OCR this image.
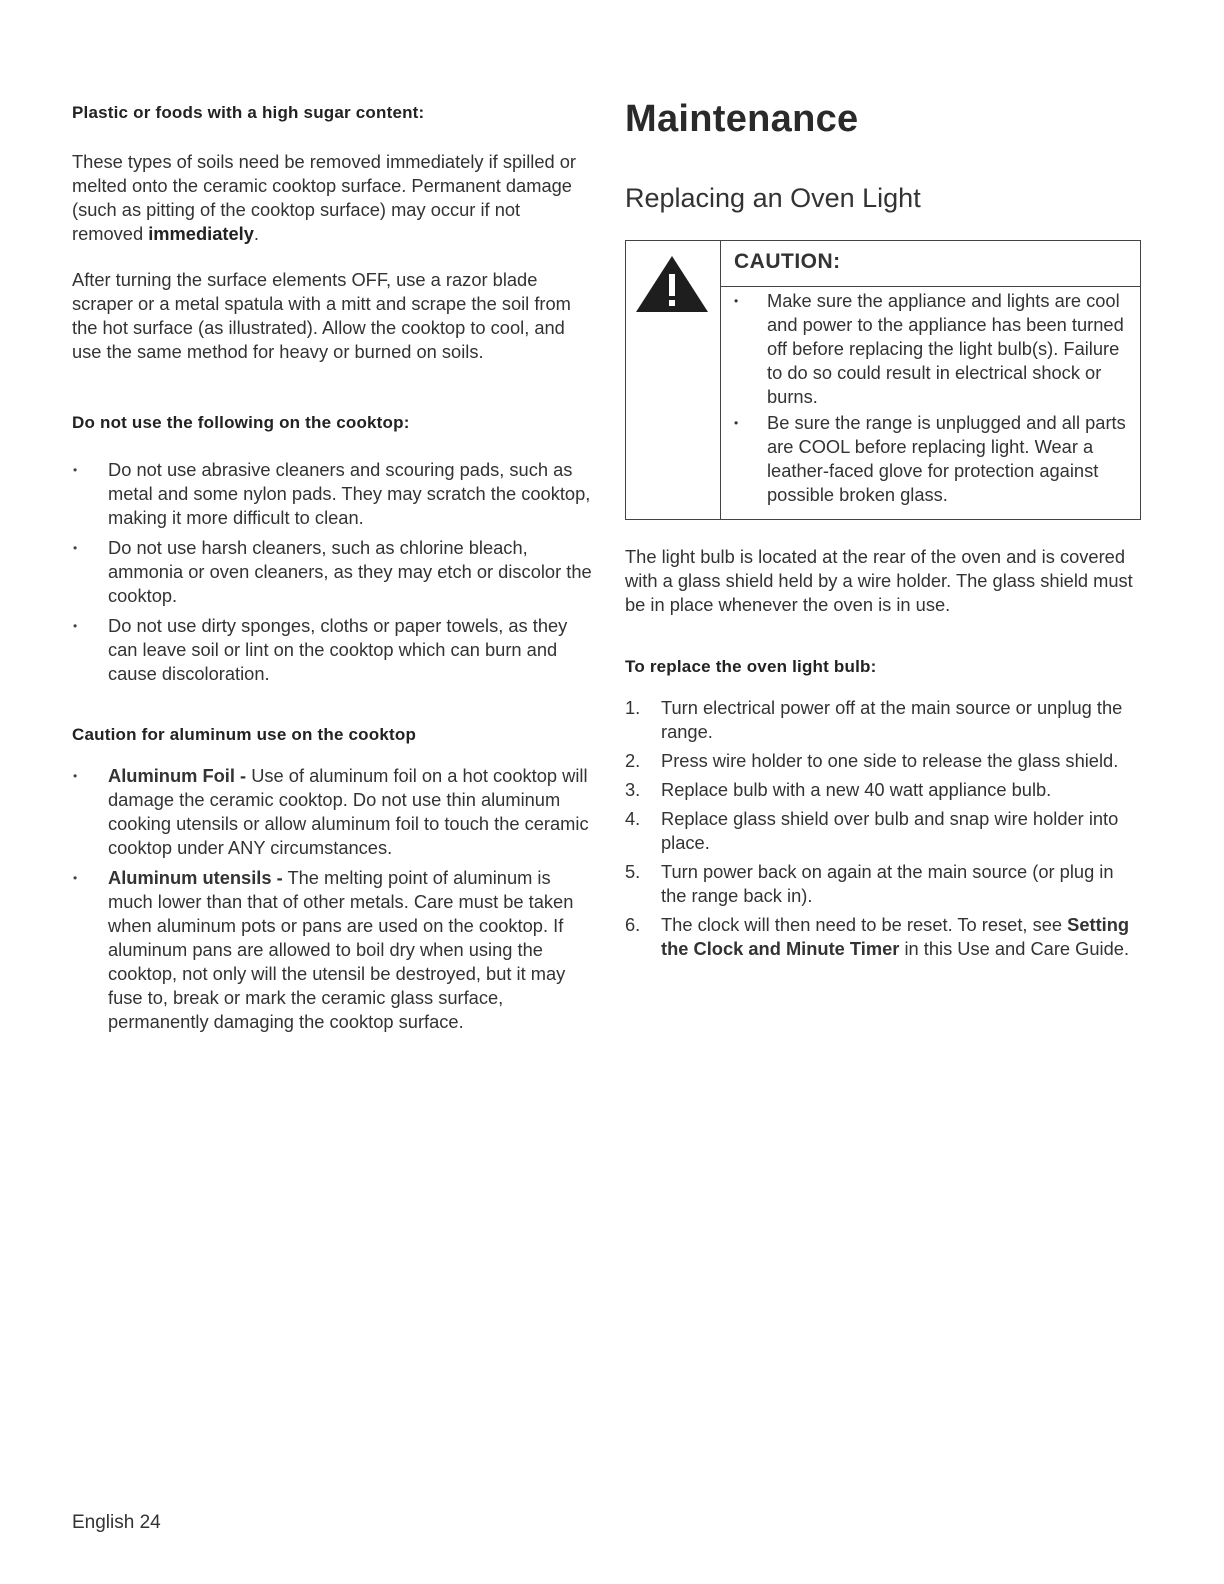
Plastic or foods with a high sugar content:

These types of soils need be removed immediately if spilled or melted onto the ceramic cooktop surface. Permanent damage (such as pitting of the cooktop surface) may occur if not removed immediately.

After turning the surface elements OFF, use a razor blade scraper or a metal spatula with a mitt and scrape the soil from the hot surface (as illustrated). Allow the cooktop to cool, and use the same method for heavy or burned on soils.

Do not use the following on the cooktop:
• Do not use abrasive cleaners and scouring pads, such as metal and some nylon pads. They may scratch the cooktop, making it more difficult to clean.
• Do not use harsh cleaners, such as chlorine bleach, ammonia or oven cleaners, as they may etch or discolor the cooktop.
• Do not use dirty sponges, cloths or paper towels, as they can leave soil or lint on the cooktop which can burn and cause discoloration.
Caution for aluminum use on the cooktop
• Aluminum Foil - Use of aluminum foil on a hot cooktop will damage the ceramic cooktop. Do not use thin aluminum cooking utensils or allow aluminum foil to touch the ceramic cooktop under ANY circumstances.
• Aluminum utensils - The melting point of aluminum is much lower than that of other metals. Care must be taken when aluminum pots or pans are used on the cooktop. If aluminum pans are allowed to boil dry when using the cooktop, not only will the utensil be destroyed, but it may fuse to, break or mark the ceramic glass surface, permanently damaging the cooktop surface.
Maintenance
Replacing an Oven Light
CAUTION:
• Make sure the appliance and lights are cool and power to the appliance has been turned off before replacing the light bulb(s). Failure to do so could result in electrical shock or burns.
• Be sure the range is unplugged and all parts are COOL before replacing light. Wear a leather-faced glove for protection against possible broken glass.

The light bulb is located at the rear of the oven and is covered with a glass shield held by a wire holder. The glass shield must be in place whenever the oven is in use.

To replace the oven light bulb:
1. Turn electrical power off at the main source or unplug the range.
2. Press wire holder to one side to release the glass shield.
3. Replace bulb with a new 40 watt appliance bulb.
4. Replace glass shield over bulb and snap wire holder into place.
5. Turn power back on again at the main source (or plug in the range back in).
6. The clock will then need to be reset. To reset, see Setting the Clock and Minute Timer in this Use and Care Guide.

English 24
